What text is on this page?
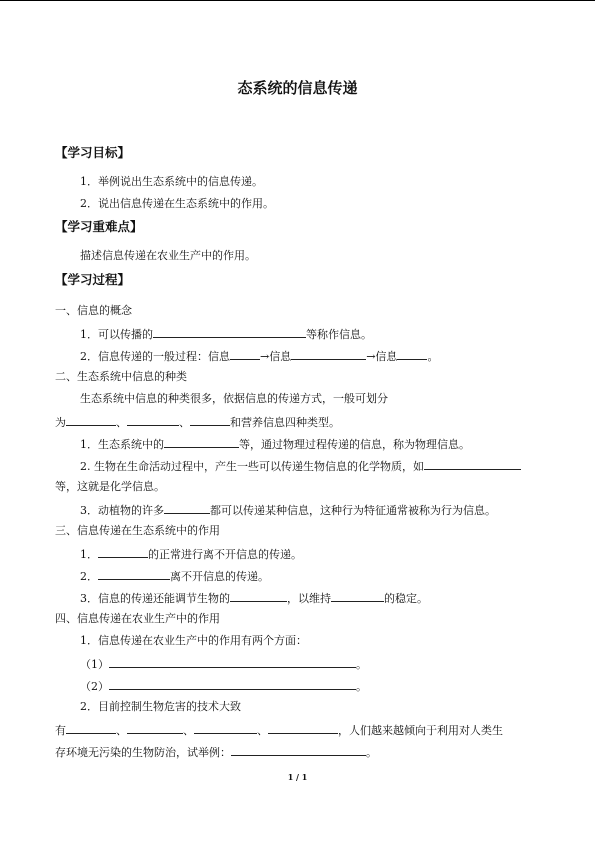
态系统的信息传递
【学习目标】
1．举例说出生态系统中的信息传递。
2．说出信息传递在生态系统中的作用。
【学习重难点】
描述信息传递在农业生产中的作用。
【学习过程】
一、信息的概念
1．可以传播的	等称作信息。
2．信息传递的一般过程：信息	→信息	→信息	。
二、生态系统中信息的种类
生态系统中信息的种类很多，依据信息的传递方式，一般可划分
为	、	、	和营养信息四种类型。
1．生态系统中的	等，通过物理过程传递的信息，称为物理信息。
2. 生物在生命活动过程中，产生一些可以传递生物信息的化学物质，如
等，这就是化学信息。
3．动植物的许多	都可以传递某种信息，这种行为特征通常被称为行为信息。
三、信息传递在生态系统中的作用
1．	的正常进行离不开信息的传递。
2．	离不开信息的传递。
3．信息的传递还能调节生物的	，以维持	的稳定。
四、信息传递在农业生产中的作用
1．信息传递在农业生产中的作用有两个方面：
（1）	。
（2）	。
2．目前控制生物危害的技术大致
有	、	、	、	，人们越来越倾向于利用对人类生
存环境无污染的生物防治，试举例：	。
1 / 1
